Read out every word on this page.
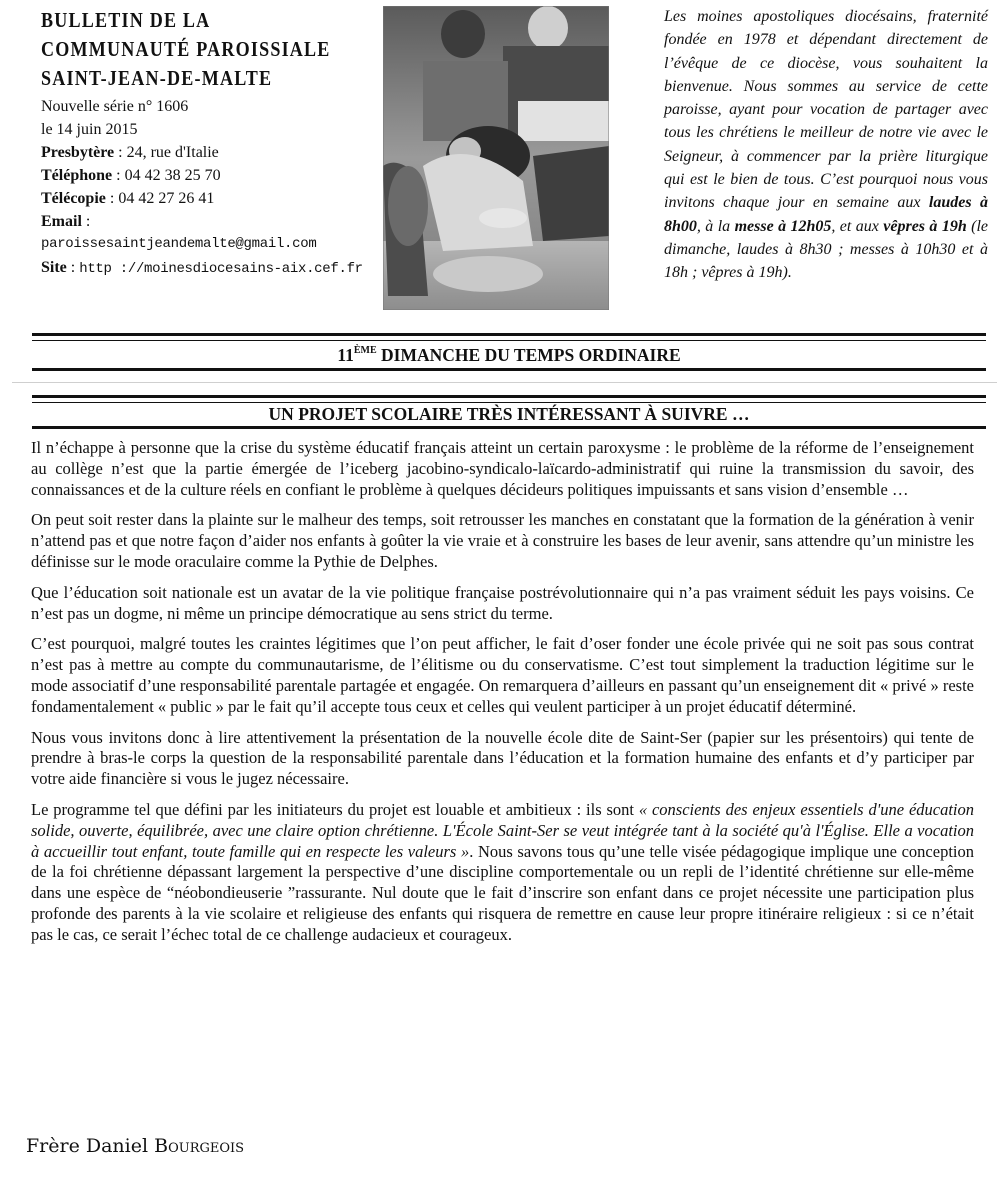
BULLETIN DE LA
COMMUNAUTÉ PAROISSIALE
SAINT-JEAN-DE-MALTE
Nouvelle série n° 1606
le 14 juin 2015
Presbytère : 24, rue d'Italie
Téléphone : 04 42 38 25 70
Télécopie : 04 42 27 26 41
Email :
paroissesaintjeandemalte@gmail.com
Site : http ://moinesdiocesains-aix.cef.fr
Les moines apostoliques diocésains, fraternité fondée en 1978 et dépendant directement de l’évêque de ce diocèse, vous souhaitent la bienvenue. Nous sommes au service de cette paroisse, ayant pour vocation de partager avec tous les chrétiens le meilleur de notre vie avec le Seigneur, à commencer par la prière liturgique qui est le bien de tous. C’est pourquoi nous vous invitons chaque jour en semaine aux laudes à 8h00, à la messe à 12h05, et aux vêpres à 19h (le dimanche, laudes à 8h30 ; messes à 10h30 et à 18h ; vêpres à 19h).
11ÈME DIMANCHE DU TEMPS ORDINAIRE
UN PROJET SCOLAIRE TRÈS INTÉRESSANT À SUIVRE …

Il n’échappe à personne que la crise du système éducatif français atteint un certain paroxysme : le problème de la réforme de l’enseignement au collège n’est que la partie émergée de l’iceberg jacobino-syndicalo-laïcardo-administratif qui ruine la transmission du savoir, des connaissances et de la culture réels en confiant le problème à quelques décideurs politiques impuissants et sans vision d’ensemble …

On peut soit rester dans la plainte sur le malheur des temps, soit retrousser les manches en constatant que la formation de la génération à venir n’attend pas et que notre façon d’aider nos enfants à goûter la vie vraie et à construire les bases de leur avenir, sans attendre qu’un ministre les définisse sur le mode oraculaire comme la Pythie de Delphes.

Que l’éducation soit nationale est un avatar de la vie politique française postrévolutionnaire qui n’a pas vraiment séduit les pays voisins. Ce n’est pas un dogme, ni même un principe démocratique au sens strict du terme.

C’est pourquoi, malgré toutes les craintes légitimes que l’on peut afficher, le fait d’oser fonder une école privée qui ne soit pas sous contrat n’est pas à mettre au compte du communautarisme, de l’élitisme ou du conservatisme. C’est tout simplement la traduction légitime sur le mode associatif d’une responsabilité parentale partagée et engagée. On remarquera d’ailleurs en passant qu’un enseignement dit « privé » reste fondamentalement « public » par le fait qu’il accepte tous ceux et celles qui veulent participer à un projet éducatif déterminé.

Nous vous invitons donc à lire attentivement la présentation de la nouvelle école dite de Saint-Ser (papier sur les présentoirs) qui tente de prendre à bras-le corps la question de la responsabilité parentale dans l’éducation et la formation humaine des enfants et d’y participer par votre aide financière si vous le jugez nécessaire.

Le programme tel que défini par les initiateurs du projet est louable et ambitieux : ils sont « conscients des enjeux essentiels d'une éducation solide, ouverte, équilibrée, avec une claire option chrétienne. L'École Saint-Ser se veut intégrée tant à la société qu'à l'Église. Elle a vocation à accueillir tout enfant, toute famille qui en respecte les valeurs ». Nous savons tous qu’une telle visée pédagogique implique une conception de la foi chrétienne dépassant largement la perspective d’une discipline comportementale ou un repli de l’identité chrétienne sur elle-même dans une espèce de “néobondieuserie ”rassurante. Nul doute que le fait d’inscrire son enfant dans ce projet nécessite une participation plus profonde des parents à la vie scolaire et religieuse des enfants qui risquera de remettre en cause leur propre itinéraire religieux : si ce n’était pas le cas, ce serait l’échec total de ce challenge audacieux et courageux.

Frère Daniel Bourgeois
